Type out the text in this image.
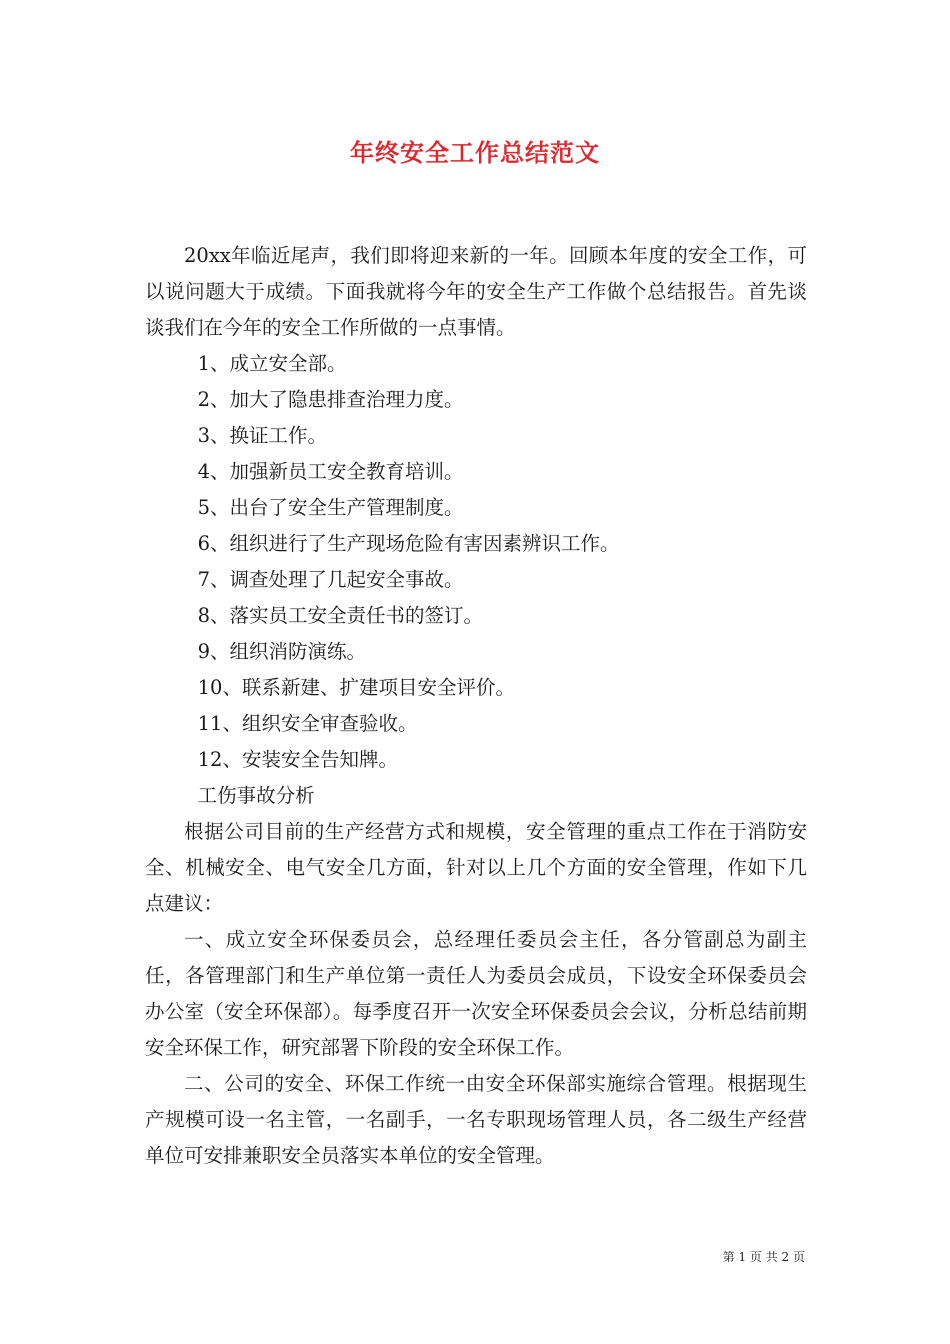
年终安全工作总结范文

20xx年临近尾声，我们即将迎来新的一年。回顾本年度的安全工作，可以说问题大于成绩。下面我就将今年的安全生产工作做个总结报告。首先谈谈我们在今年的安全工作所做的一点事情。

1、成立安全部。

2、加大了隐患排查治理力度。

3、换证工作。

4、加强新员工安全教育培训。

5、出台了安全生产管理制度。

6、组织进行了生产现场危险有害因素辨识工作。

7、调查处理了几起安全事故。

8、落实员工安全责任书的签订。

9、组织消防演练。

10、联系新建、扩建项目安全评价。

11、组织安全审查验收。

12、安装安全告知牌。

工伤事故分析

根据公司目前的生产经营方式和规模，安全管理的重点工作在于消防安全、机械安全、电气安全几方面，针对以上几个方面的安全管理，作如下几点建议：

一、成立安全环保委员会，总经理任委员会主任，各分管副总为副主任，各管理部门和生产单位第一责任人为委员会成员，下设安全环保委员会办公室（安全环保部）。每季度召开一次安全环保委员会会议，分析总结前期安全环保工作，研究部署下阶段的安全环保工作。

二、公司的安全、环保工作统一由安全环保部实施综合管理。根据现生产规模可设一名主管，一名副手，一名专职现场管理人员，各二级生产经营单位可安排兼职安全员落实本单位的安全管理。

第 1 页 共 2 页
